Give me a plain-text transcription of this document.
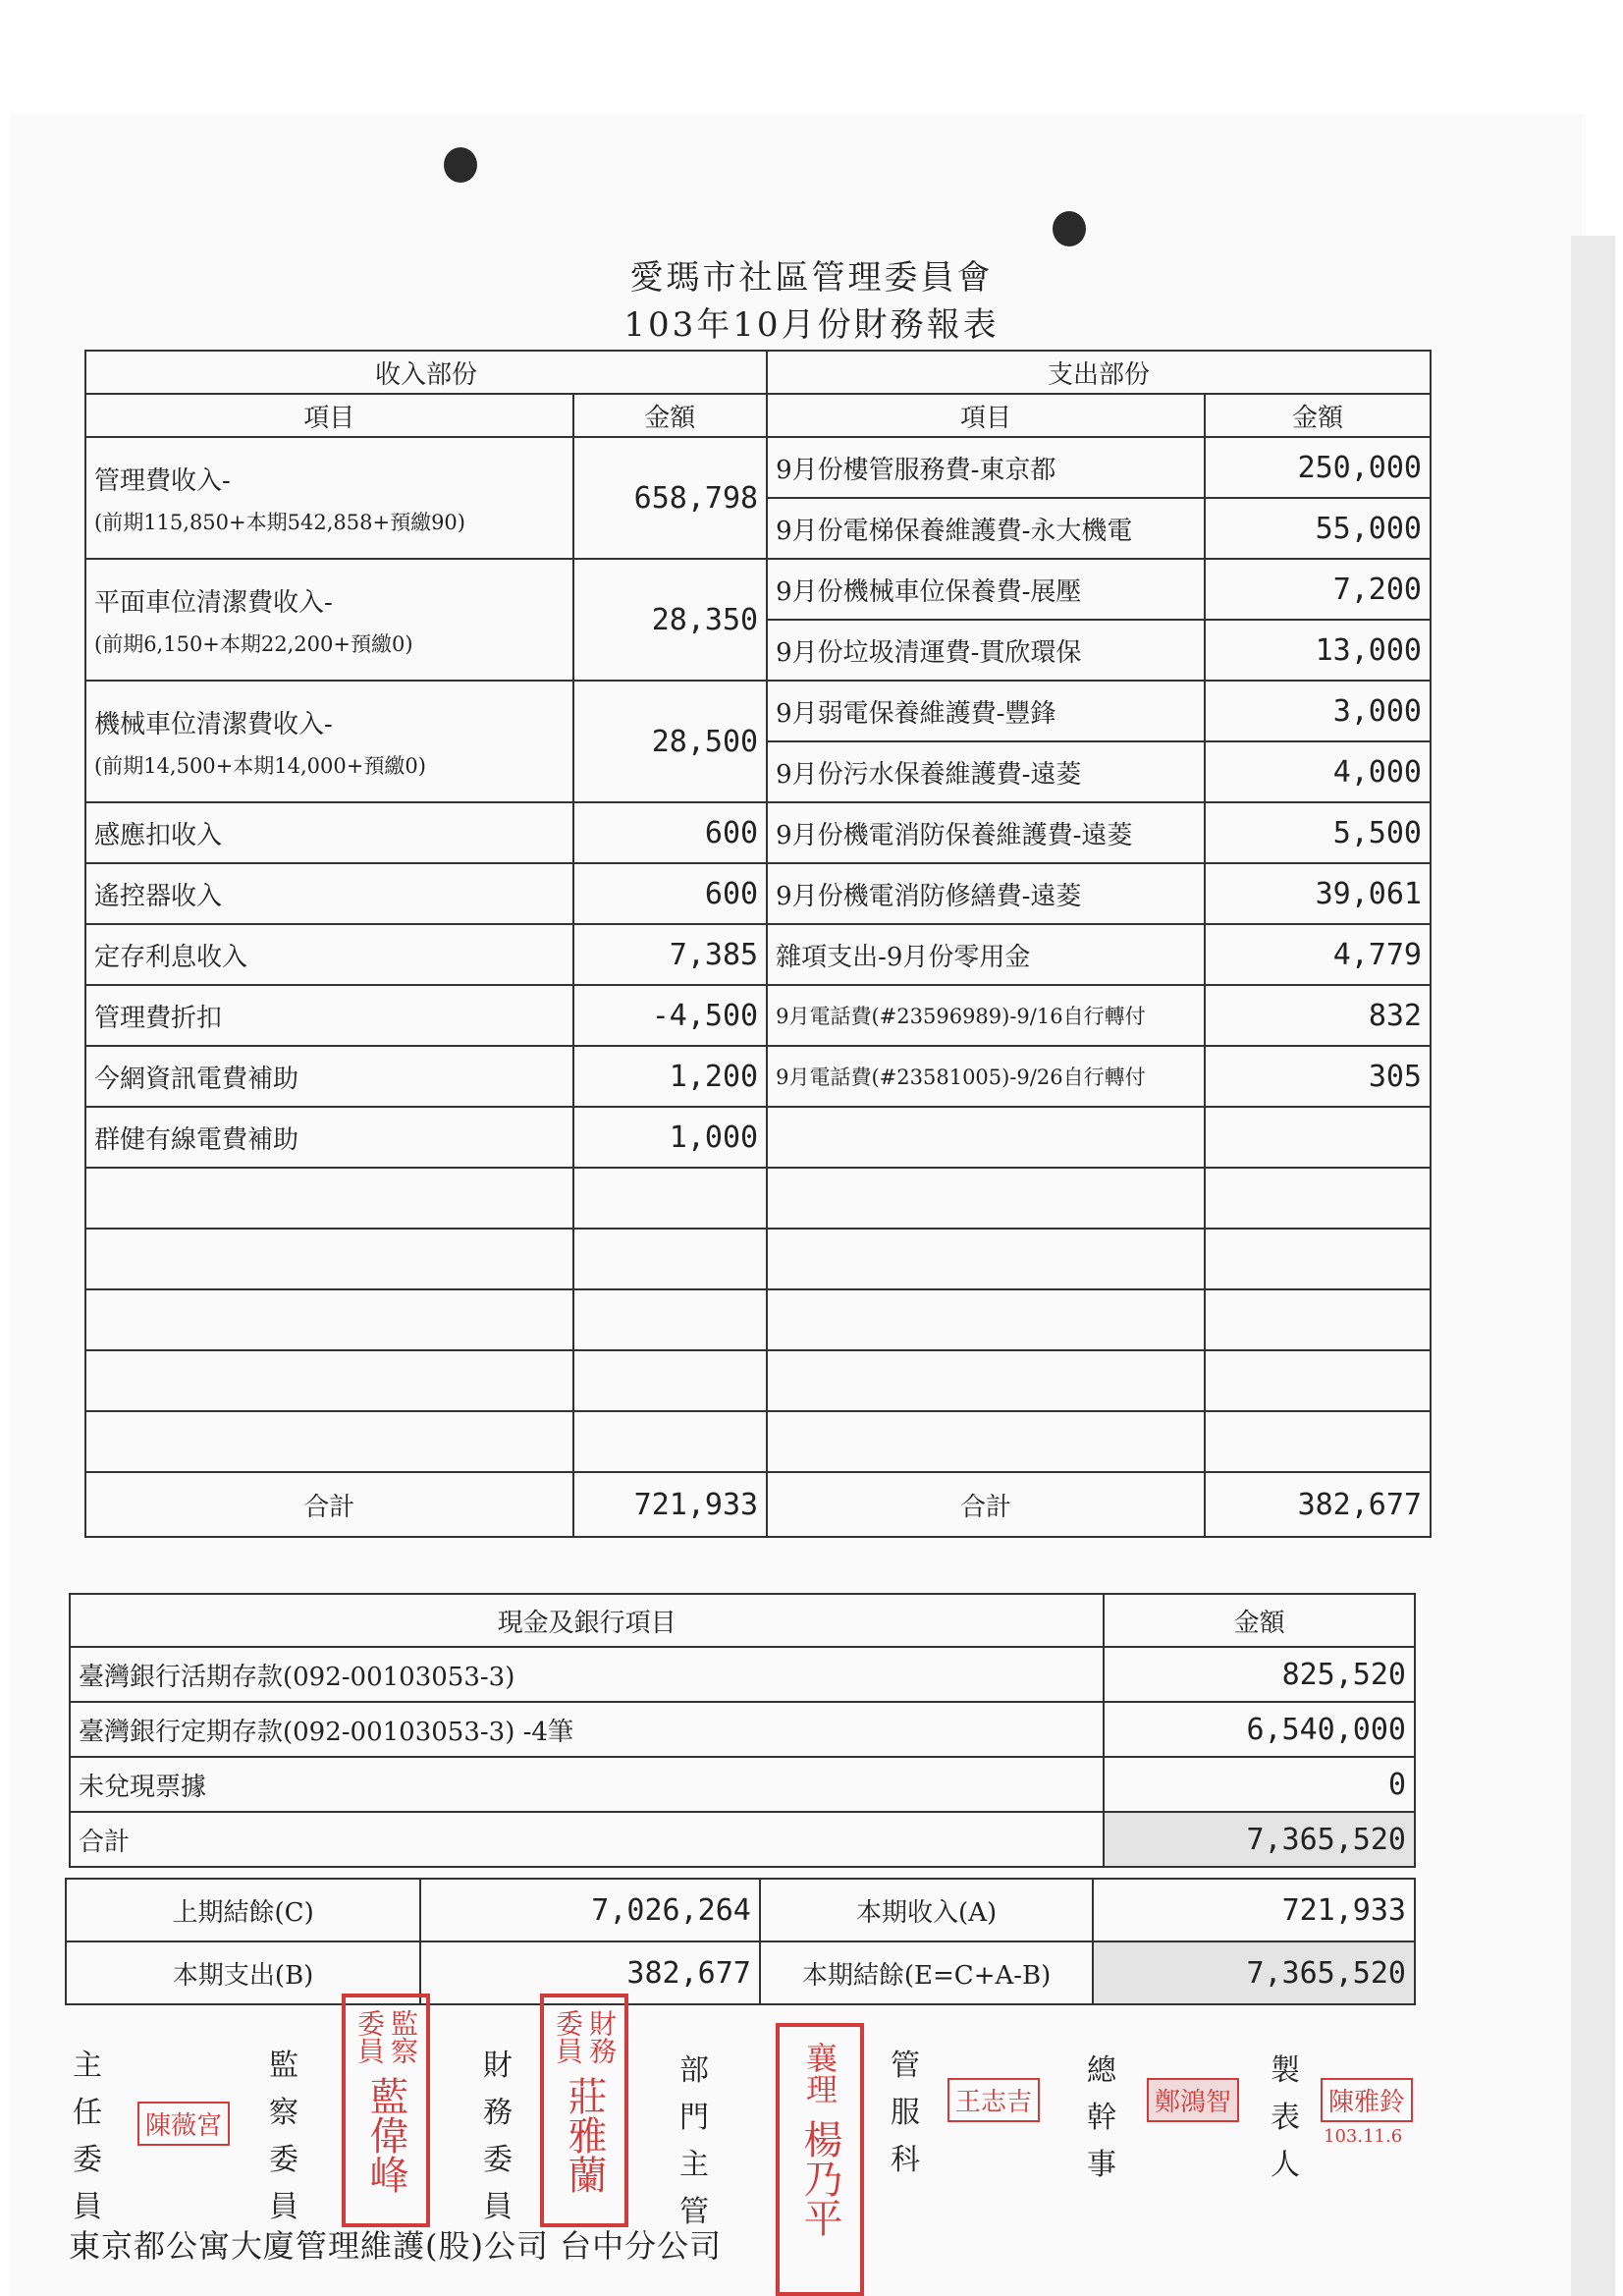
愛瑪市社區管理委員會
103年10月份財務報表
收入部份		支出部份	
項目	金額	項目	金額
管理費收入-
(前期115,850+本期542,858+預繳90)	658,798	9月份樓管服務費-東京都	250,000
		9月份電梯保養維護費-永大機電	55,000
平面車位清潔費收入-
(前期6,150+本期22,200+預繳0)	28,350	9月份機械車位保養費-展壓	7,200
		9月份垃圾清運費-貫欣環保	13,000
機械車位清潔費收入-
(前期14,500+本期14,000+預繳0)	28,500	9月弱電保養維護費-豐鋒	3,000
		9月份污水保養維護費-遠菱	4,000
感應扣收入	600	9月份機電消防保養維護費-遠菱	5,500
遙控器收入	600	9月份機電消防修繕費-遠菱	39,061
定存利息收入	7,385	雜項支出-9月份零用金	4,779
管理費折扣	-4,500	9月電話費(#23596989)-9/16自行轉付	832
今網資訊電費補助	1,200	9月電話費(#23581005)-9/26自行轉付	305
群健有線電費補助	1,000		

合計	721,933	合計	382,677
現金及銀行項目	金額
臺灣銀行活期存款(092-00103053-3)	825,520
臺灣銀行定期存款(092-00103053-3) -4筆	6,540,000
未兌現票據	0
合計	7,365,520
上期結餘(C)	7,026,264	本期收入(A)	721,933
本期支出(B)	382,677	本期結餘(E=C+A-B)	7,365,520
主任委員
監察委員
財務委員
部門主管
管服科
總幹事
製表人
陳薇宮
監察委員
藍偉峰
財務委員
莊雅蘭
襄理
楊乃平
王志吉	鄭鴻智	陳雅鈴
103.11.6
東京都公寓大廈管理維護(股)公司 台中分公司
